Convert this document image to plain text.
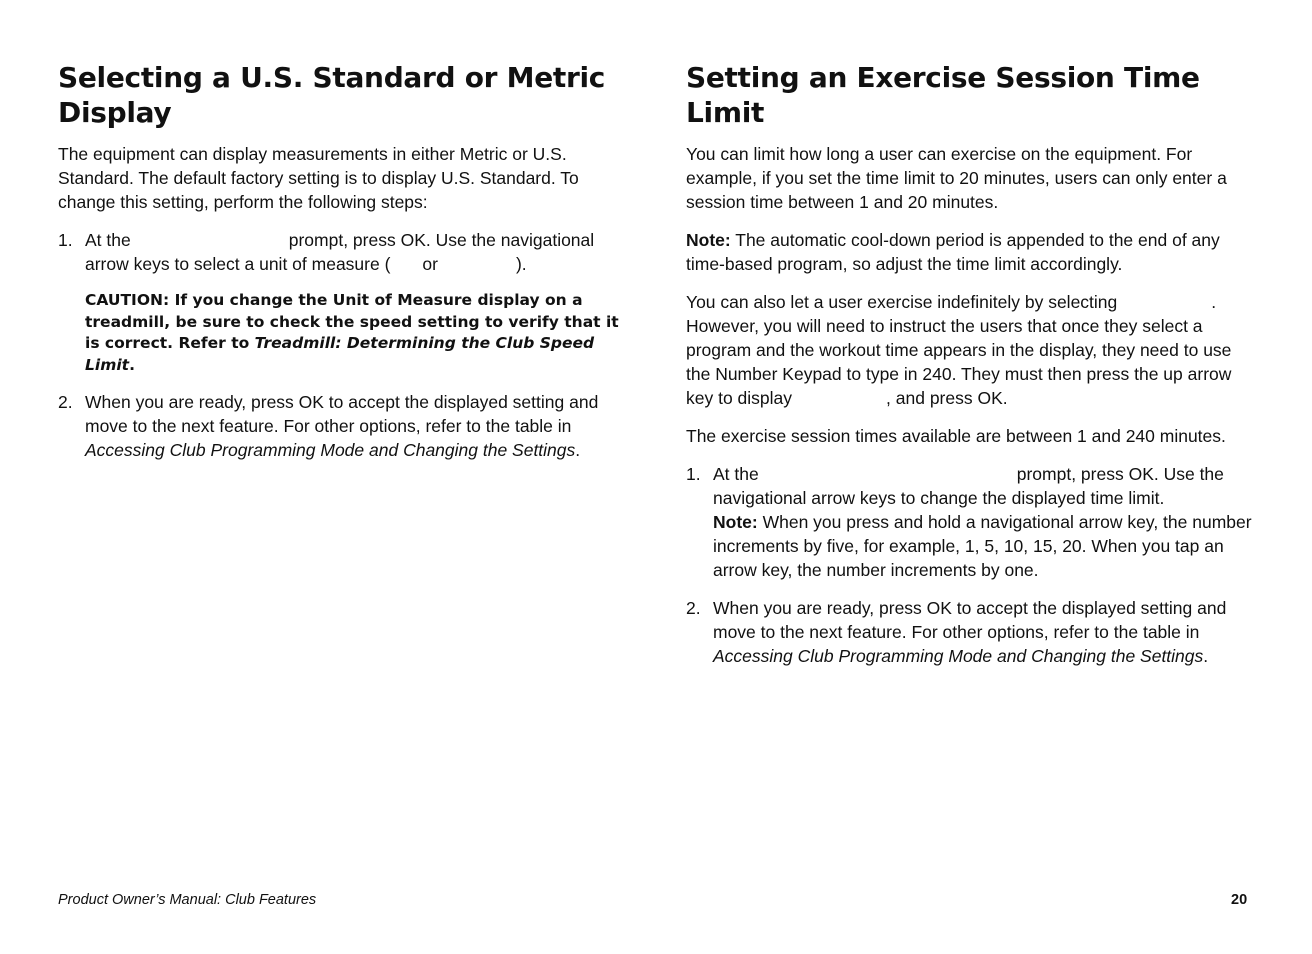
Selecting a U.S. Standard or Metric Display

The equipment can display measurements in either Metric or U.S. Standard. The default factory setting is to display U.S. Standard. To change this setting, perform the following steps:

1. At the	prompt, press OK. Use the navigational arrow keys to select a unit of measure ( or	).

CAUTION: If you change the Unit of Measure display on a treadmill, be sure to check the speed setting to verify that it is correct. Refer to Treadmill: Determining the Club Speed Limit.
2. When you are ready, press OK to accept the displayed setting and move to the next feature. For other options, refer to the table in Accessing Club Programming Mode and Changing the Settings.

Setting an Exercise Session Time Limit

You can limit how long a user can exercise on the equipment. For example, if you set the time limit to 20 minutes, users can only enter a session time between 1 and 20 minutes.

Note: The automatic cool-down period is appended to the end of any time-based program, so adjust the time limit accordingly.

You can also let a user exercise indefinitely by selecting	. However, you will need to instruct the users that once they select a program and the workout time appears in the display, they need to use the Number Keypad to type in 240. They must then press the up arrow key to display	, and press OK.

The exercise session times available are between 1 and 240 minutes.

1. At the	prompt, press OK. Use the navigational arrow keys to change the displayed time limit.

Note: When you press and hold a navigational arrow key, the number increments by five, for example, 1, 5, 10, 15, 20. When you tap an arrow key, the number increments by one.

2. When you are ready, press OK to accept the displayed setting and move to the next feature. For other options, refer to the table in Accessing Club Programming Mode and Changing the Settings.

Product Owner’s Manual: Club Features	20
